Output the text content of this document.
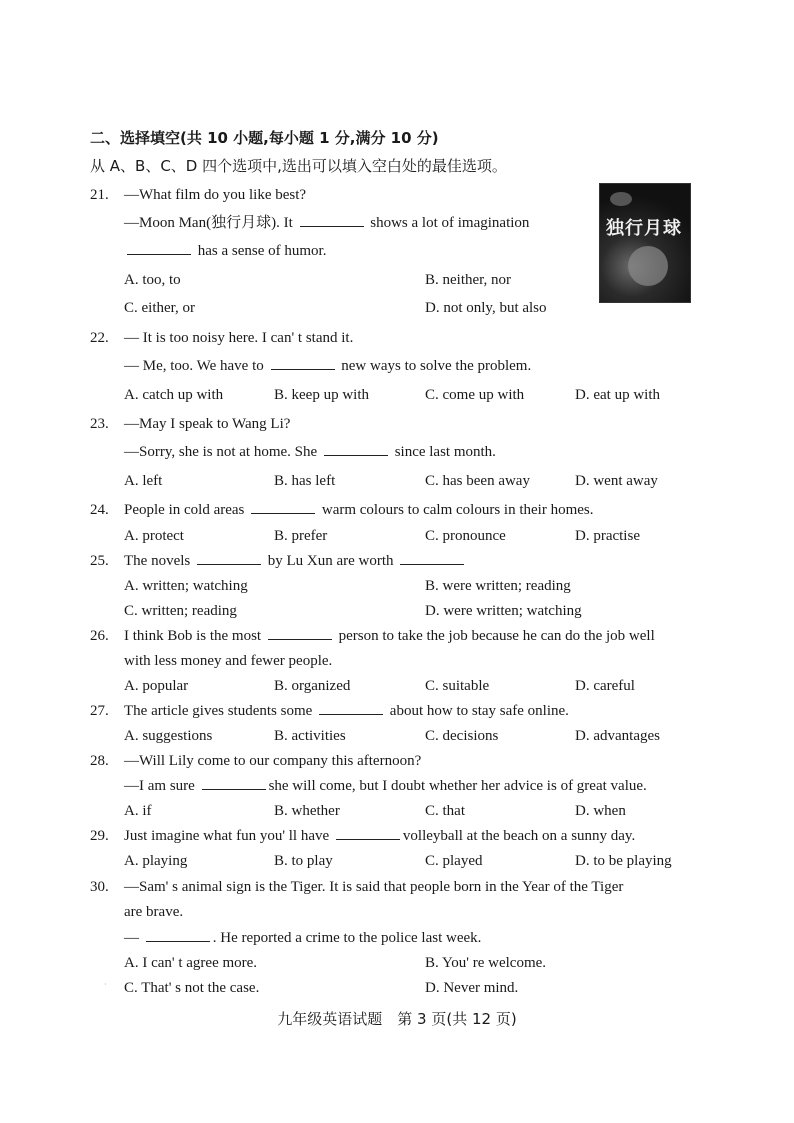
二、选择填空(共 10 小题,每小题 1 分,满分 10 分)
从 A、B、C、D 四个选项中,选出可以填入空白处的最佳选项。
独行月球
21. —What film do you like best?
—Moon Man(独行月球). It	shows a lot of imagination
has a sense of humor.
A. too, to	B. neither, nor
C. either, or	D. not only, but also
22. — It is too noisy here. I can' t stand it.
— Me, too. We have to	new ways to solve the problem.
A. catch up with	B. keep up with	C. come up with	D. eat up with
23. —May I speak to Wang Li?
—Sorry, she is not at home. She	since last month.
A. left	B. has left	C. has been away	D. went away
24. People in cold areas	warm colours to calm colours in their homes.
A. protect	B. prefer	C. pronounce	D. practise
25. The novels	by Lu Xun are worth
A. written; watching	B. were written; reading
C. written; reading	D. were written; watching
26. I think Bob is the most	person to take the job because he can do the job well
with less money and fewer people.
A. popular	B. organized	C. suitable	D. careful
27. The article gives students some	about how to stay safe online.
A. suggestions	B. activities	C. decisions	D. advantages
28. —Will Lily come to our company this afternoon?
—I am sure	she will come, but I doubt whether her advice is of great value.
A. if	B. whether	C. that	D. when
29. Just imagine what fun you' ll have	volleyball at the beach on a sunny day.
A. playing	B. to play	C. played	D. to be playing
30. —Sam' s animal sign is the Tiger. It is said that people born in the Year of the Tiger
are brave.
—	. He reported a crime to the police last week.
A. I can' t agree more.	B. You' re welcome.
C. That' s not the case.	D. Never mind.
九年级英语试题　第 3 页(共 12 页)
·
